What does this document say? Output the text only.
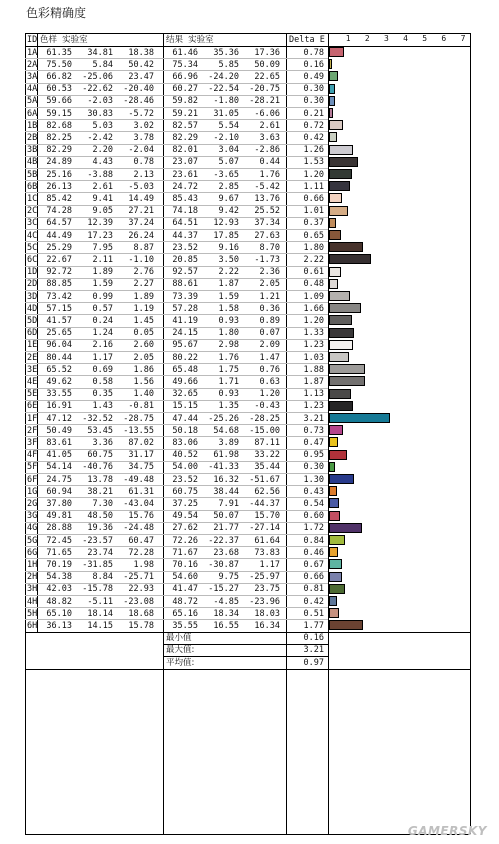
色彩精确度
ID 色样 实验室	结果 实验室	Delta E	1	2	3	4	5	6	7
1A	61.35	34.81	18.38	61.46	35.36	17.36	0.78
2A	75.50	5.84	50.42	75.34	5.85	50.09	0.16
3A	66.82	-25.06	23.47	66.96	-24.20	22.65	0.49
4A	60.53	-22.62	-20.40	60.27	-22.54	-20.75	0.30
5A	59.66	-2.03	-28.46	59.82	-1.80	-28.21	0.30
6A	59.15	30.83	-5.72	59.21	31.05	-6.06	0.21
1B	82.68	5.03	3.02	82.57	5.54	2.61	0.72
2B	82.25	-2.42	3.78	82.29	-2.10	3.63	0.42
3B	82.29	2.20	-2.04	82.01	3.04	-2.86	1.26
4B	24.89	4.43	0.78	23.07	5.07	0.44	1.53
5B	25.16	-3.88	2.13	23.61	-3.65	1.76	1.20
6B	26.13	2.61	-5.03	24.72	2.85	-5.42	1.11
1C	85.42	9.41	14.49	85.43	9.67	13.76	0.66
2C	74.28	9.05	27.21	74.18	9.42	25.52	1.01
3C	64.57	12.39	37.24	64.51	12.93	37.34	0.37
4C	44.49	17.23	26.24	44.37	17.85	27.63	0.65
5C	25.29	7.95	8.87	23.52	9.16	8.70	1.80
6C	22.67	2.11	-1.10	20.85	3.50	-1.73	2.22
1D	92.72	1.89	2.76	92.57	2.22	2.36	0.61
2D	88.85	1.59	2.27	88.61	1.87	2.05	0.48
3D	73.42	0.99	1.89	73.39	1.59	1.21	1.09
4D	57.15	0.57	1.19	57.28	1.58	0.36	1.66
5D	41.57	0.24	1.45	41.19	0.93	0.89	1.20
6D	25.65	1.24	0.05	24.15	1.80	0.07	1.33
1E	96.04	2.16	2.60	95.67	2.98	2.09	1.23
2E	80.44	1.17	2.05	80.22	1.76	1.47	1.03
3E	65.52	0.69	1.86	65.48	1.75	0.76	1.88
4E	49.62	0.58	1.56	49.66	1.71	0.63	1.87
5E	33.55	0.35	1.40	32.65	0.93	1.20	1.13
6E	16.91	1.43	-0.81	15.15	1.35	-0.43	1.23
1F	47.12	-32.52	-28.75	47.44	-25.26	-28.25	3.21
2F	50.49	53.45	-13.55	50.18	54.68	-15.00	0.73
3F	83.61	3.36	87.02	83.06	3.89	87.11	0.47
4F	41.05	60.75	31.17	40.52	61.98	33.22	0.95
5F	54.14	-40.76	34.75	54.00	-41.33	35.44	0.30
6F	24.75	13.78	-49.48	23.52	16.32	-51.67	1.30
1G	60.94	38.21	61.31	60.75	38.44	62.56	0.43
2G	37.80	7.30	-43.04	37.25	7.91	-44.37	0.54
3G	49.81	48.50	15.76	49.54	50.07	15.70	0.60
4G	28.88	19.36	-24.48	27.62	21.77	-27.14	1.72
5G	72.45	-23.57	60.47	72.26	-22.37	61.64	0.84
6G	71.65	23.74	72.28	71.67	23.68	73.83	0.46
1H	70.19	-31.85	1.98	70.16	-30.87	1.17	0.67
2H	54.38	8.84	-25.71	54.60	9.75	-25.97	0.66
3H	42.03	-15.78	22.93	41.47	-15.27	23.75	0.81
4H	48.82	-5.11	-23.08	48.72	-4.85	-23.96	0.42
5H	65.10	18.14	18.68	65.16	18.34	18.03	0.51
6H	36.13	14.15	15.78	35.55	16.55	16.34	1.77
最小值	0.16
最大值:	3.21
平均值:	0.97
GAMERSKY
